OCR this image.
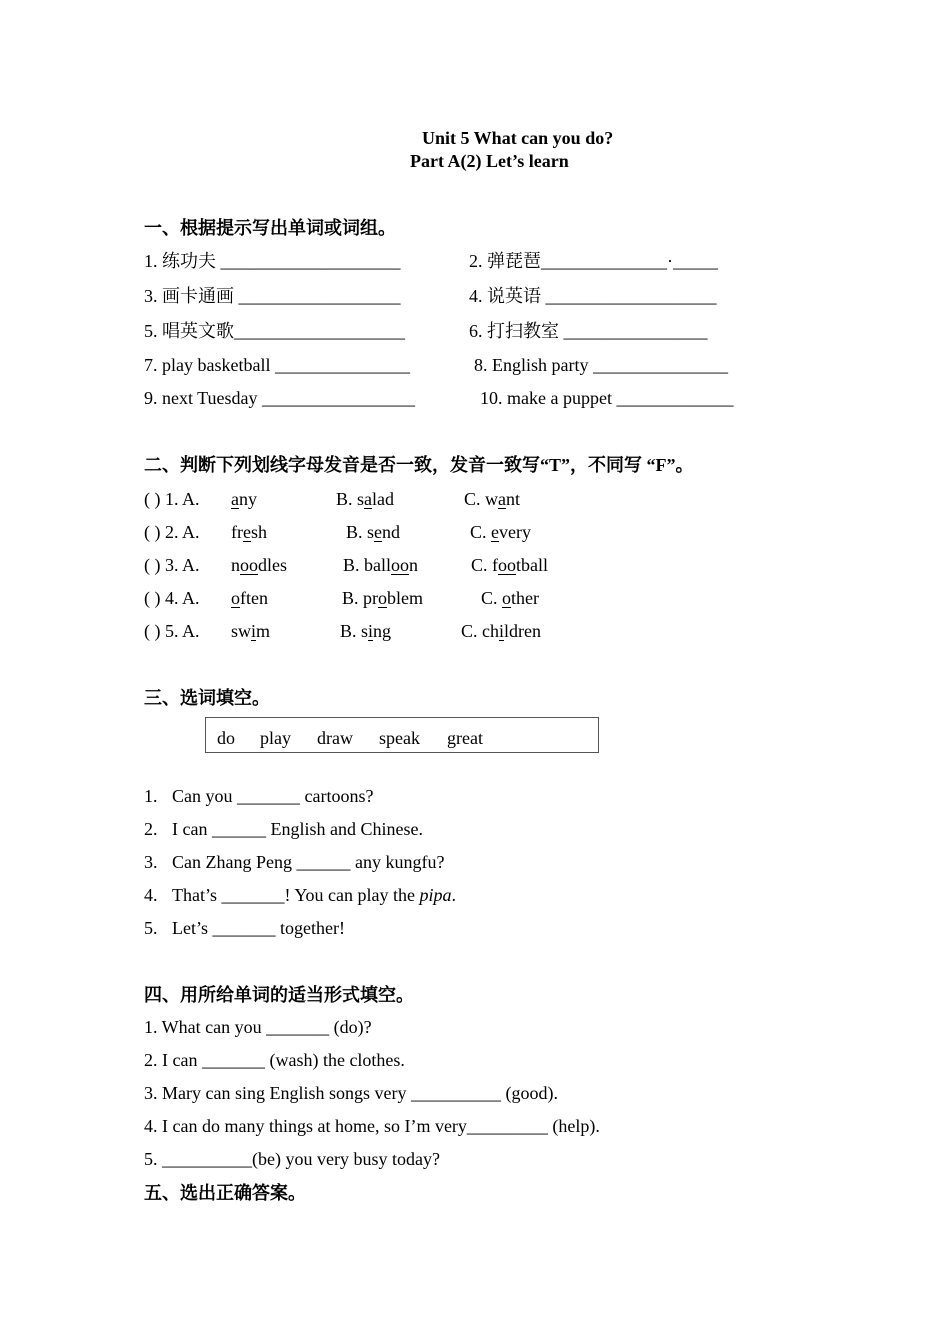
Unit 5 What can you do?
Part A(2) Let’s learn
一、根据提示写出单词或词组。
1. 练功夫 ____________________	2. 弹琵琶______________·_____
3. 画卡通画 __________________	4. 说英语 ___________________
5. 唱英文歌___________________	6. 打扫教室 ________________
7. play basketball _______________	8. English party _______________
9. next Tuesday _________________	10. make a puppet _____________
二、判断下列划线字母发音是否一致，发音一致写“T”，不同写 “F”。
( ) 1. A. any	B. salad	C. want
( ) 2. A. fresh	B. send	C. every
( ) 3. A. noodles	B. balloon	C. football
( ) 4. A. often	B. problem	C. other
( ) 5. A. swim	B. sing	C. children
三、选词填空。
do play draw speak great
1. Can you _______ cartoons?
2. I can ______ English and Chinese.
3. Can Zhang Peng ______ any kungfu?
4. That’s _______! You can play the pipa.
5. Let’s _______ together!
四、用所给单词的适当形式填空。
1. What can you _______ (do)?
2. I can _______ (wash) the clothes.
3. Mary can sing English songs very __________ (good).
4. I can do many things at home, so I’m very_________ (help).
5. __________(be) you very busy today?
五、选出正确答案。
